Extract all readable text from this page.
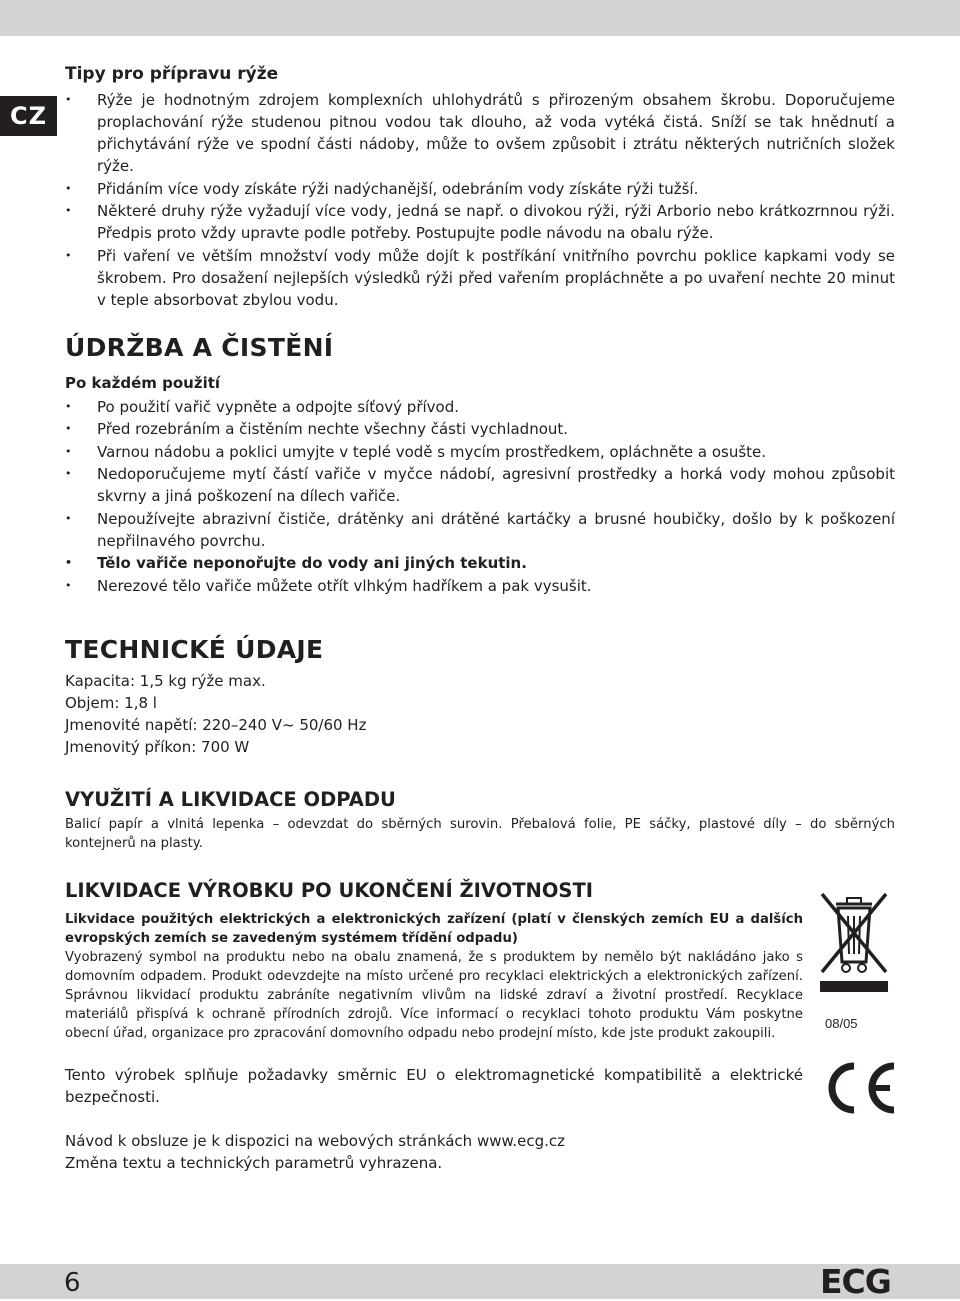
CZ
Tipy pro přípravu rýže
• Rýže je hodnotným zdrojem komplexních uhlohydrátů s přirozeným obsahem škrobu. Doporučujeme proplachování rýže studenou pitnou vodou tak dlouho, až voda vytéká čistá. Sníží se tak hnědnutí a přichytávání rýže ve spodní části nádoby, může to ovšem způsobit i ztrátu některých nutričních složek rýže.
• Přidáním více vody získáte rýži nadýchanější, odebráním vody získáte rýži tužší.
• Některé druhy rýže vyžadují více vody, jedná se např. o divokou rýži, rýži Arborio nebo krátkozrnnou rýži. Předpis proto vždy upravte podle potřeby. Postupujte podle návodu na obalu rýže.
• Při vaření ve větším množství vody může dojít k postříkání vnitřního povrchu poklice kapkami vody se škrobem. Pro dosažení nejlepších výsledků rýži před vařením propláchněte a po uvaření nechte 20 minut v teple absorbovat zbylou vodu.
ÚDRŽBA A ČISTĚNÍ
Po každém použití
• Po použití vařič vypněte a odpojte síťový přívod.
• Před rozebráním a čistěním nechte všechny části vychladnout.
• Varnou nádobu a poklici umyjte v teplé vodě s mycím prostředkem, opláchněte a osušte.
• Nedoporučujeme mytí částí vařiče v myčce nádobí, agresivní prostředky a horká vody mohou způsobit skvrny a jiná poškození na dílech vařiče.
• Nepoužívejte abrazivní čističe, drátěnky ani drátěné kartáčky a brusné houbičky, došlo by k poškození nepřilnavého povrchu.
• Tělo vařiče neponořujte do vody ani jiných tekutin.
• Nerezové tělo vařiče můžete otřít vlhkým hadříkem a pak vysušit.
TECHNICKÉ ÚDAJE
Kapacita: 1,5 kg rýže max.
Objem: 1,8 l
Jmenovité napětí: 220–240 V~ 50/60 Hz
Jmenovitý příkon: 700 W
VYUŽITÍ A LIKVIDACE ODPADU
Balicí papír a vlnitá lepenka – odevzdat do sběrných surovin. Přebalová folie, PE sáčky, plastové díly – do sběrných kontejnerů na plasty.
LIKVIDACE VÝROBKU PO UKONČENÍ ŽIVOTNOSTI
Likvidace použitých elektrických a elektronických zařízení (platí v členských zemích EU a dalších evropských zemích se zavedeným systémem třídění odpadu)
Vyobrazený symbol na produktu nebo na obalu znamená, že s produktem by nemělo být nakládáno jako s domovním odpadem. Produkt odevzdejte na místo určené pro recyklaci elektrických a elektronických zařízení. Správnou likvidací produktu zabráníte negativním vlivům na lidské zdraví a životní prostředí. Recyklace materiálů přispívá k ochraně přírodních zdrojů. Více informací o recyklaci tohoto produktu Vám poskytne obecní úřad, organizace pro zpracování domovního odpadu nebo prodejní místo, kde jste produkt zakoupili.
Tento výrobek splňuje požadavky směrnic EU o elektromagnetické kompatibilitě a elektrické bezpečnosti.
Návod k obsluze je k dispozici na webových stránkách www.ecg.cz
Změna textu a technických parametrů vyhrazena.
08/05
6	ECG
